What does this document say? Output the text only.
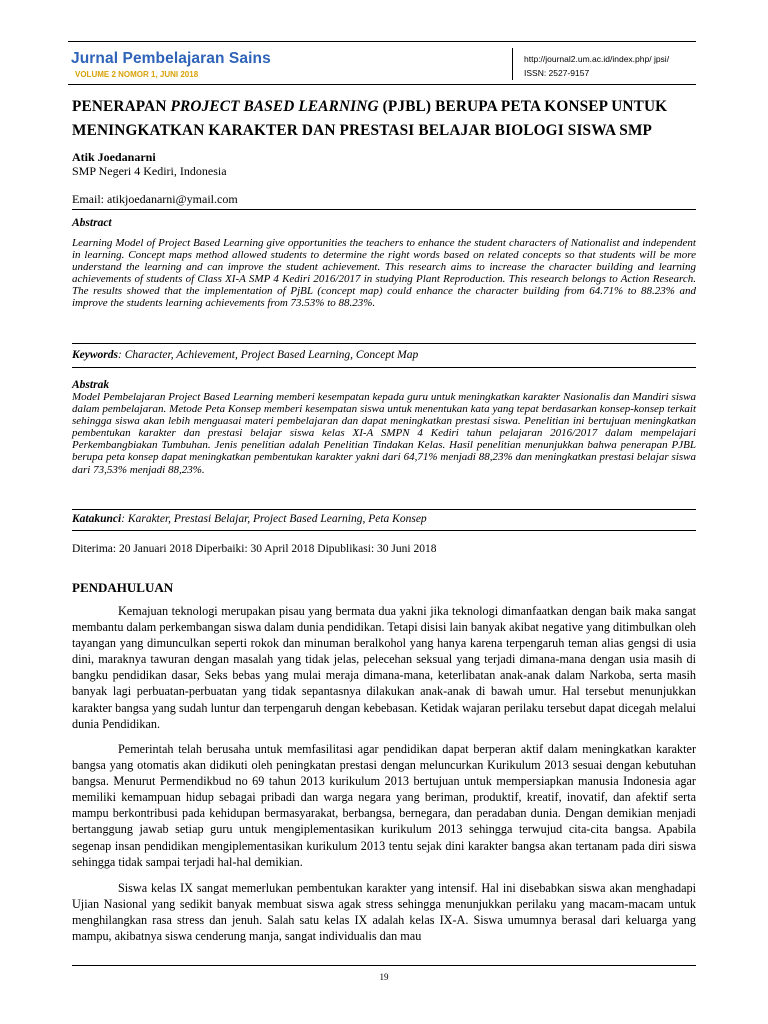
Jurnal Pembelajaran Sains

VOLUME 2 NOMOR 1, JUNI 2018

http://journal2.um.ac.id/index.php/ jpsi/

ISSN: 2527-9157

PENERAPAN PROJECT BASED LEARNING (PJBL) BERUPA PETA KONSEP UNTUK
MENINGKATKAN KARAKTER DAN PRESTASI BELAJAR BIOLOGI SISWA SMP

Atik Joedanarni

SMP Negeri 4 Kediri, Indonesia

Email: atikjoedanarni@ymail.com

Abstract

Learning Model of Project Based Learning give opportunities the teachers to enhance the student characters of Nationalist and independent in learning. Concept maps method allowed students to determine the right words based on related concepts so that students will be more understand the learning and can improve the student achievement. This research aims to increase the character building and learning achievements of students of Class XI-A SMP 4 Kediri 2016/2017 in studying Plant Reproduction. This research belongs to Action Research. The results showed that the implementation of PjBL (concept map) could enhance the character building from 64.71% to 88.23% and improve the students learning achievements from 73.53% to 88.23%.

Keywords: Character, Achievement, Project Based Learning, Concept Map

Abstrak

Model Pembelajaran Project Based Learning memberi kesempatan kepada guru untuk meningkatkan karakter Nasionalis dan Mandiri siswa dalam pembelajaran. Metode Peta Konsep memberi kesempatan siswa untuk menentukan kata yang tepat berdasarkan konsep-konsep terkait sehingga siswa akan lebih menguasai materi pembelajaran dan dapat meningkatkan prestasi siswa. Penelitian ini bertujuan meningkatkan pembentukan karakter dan prestasi belajar siswa kelas XI-A SMPN 4 Kediri tahun pelajaran 2016/2017 dalam mempelajari Perkembangbiakan Tumbuhan. Jenis penelitian adalah Penelitian Tindakan Kelas. Hasil penelitian menunjukkan bahwa penerapan PJBL berupa peta konsep dapat meningkatkan pembentukan karakter yakni dari 64,71% menjadi 88,23% dan meningkatkan prestasi belajar siswa dari 73,53% menjadi 88,23%.

Katakunci: Karakter, Prestasi Belajar, Project Based Learning, Peta Konsep

Diterima: 20 Januari 2018 Diperbaiki: 30 April 2018 Dipublikasi: 30 Juni 2018

PENDAHULUAN

Kemajuan teknologi merupakan pisau yang bermata dua yakni jika teknologi dimanfaatkan dengan baik maka sangat membantu dalam perkembangan siswa dalam dunia pendidikan. Tetapi disisi lain banyak akibat negative yang ditimbulkan oleh tayangan yang dimunculkan seperti rokok dan minuman beralkohol yang hanya karena terpengaruh teman alias gengsi di usia dini, maraknya tawuran dengan masalah yang tidak jelas, pelecehan seksual yang terjadi dimana-mana dengan usia masih di bangku pendidikan dasar, Seks bebas yang mulai meraja dimana-mana, keterlibatan anak-anak dalam Narkoba, serta masih banyak lagi perbuatan-perbuatan yang tidak sepantasnya dilakukan anak-anak di bawah umur. Hal tersebut menunjukkan karakter bangsa yang sudah luntur dan terpengaruh dengan kebebasan. Ketidak wajaran perilaku tersebut dapat dicegah melalui dunia Pendidikan.

Pemerintah telah berusaha untuk memfasilitasi agar pendidikan dapat berperan aktif dalam meningkatkan karakter bangsa yang otomatis akan didikuti oleh peningkatan prestasi dengan meluncurkan Kurikulum 2013 sesuai dengan kebutuhan bangsa. Menurut Permendikbud no 69 tahun 2013 kurikulum 2013 bertujuan untuk mempersiapkan manusia Indonesia agar memiliki kemampuan hidup sebagai pribadi dan warga negara yang beriman, produktif, kreatif, inovatif, dan afektif serta mampu berkontribusi pada kehidupan bermasyarakat, berbangsa, bernegara, dan peradaban dunia. Dengan demikian menjadi bertanggung jawab setiap guru untuk mengiplementasikan kurikulum 2013 sehingga terwujud cita-cita bangsa. Apabila segenap insan pendidikan mengiplementasikan kurikulum 2013 tentu sejak dini karakter bangsa akan tertanam pada diri siswa sehingga tidak sampai terjadi hal-hal demikian.

Siswa kelas IX sangat memerlukan pembentukan karakter yang intensif. Hal ini disebabkan siswa akan menghadapi Ujian Nasional yang sedikit banyak membuat siswa agak stress sehingga menunjukkan perilaku yang macam-macam untuk menghilangkan rasa stress dan jenuh. Salah satu kelas IX adalah kelas IX-A. Siswa umumnya berasal dari keluarga yang mampu, akibatnya siswa cenderung manja, sangat individualis dan mau

19
